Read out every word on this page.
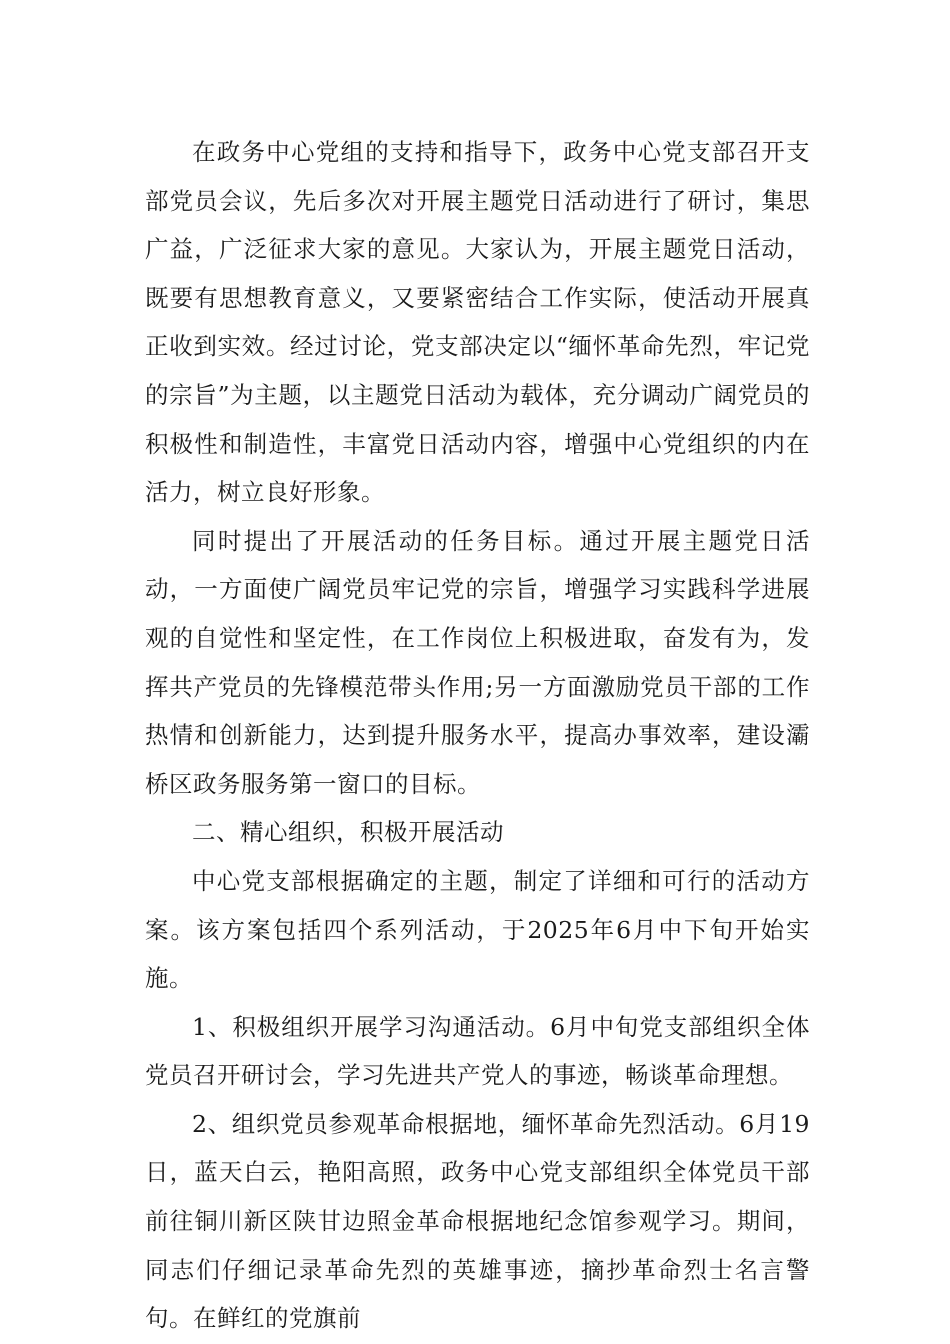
在政务中心党组的支持和指导下，政务中心党支部召开支部党员会议，先后多次对开展主题党日活动进行了研讨，集思广益，广泛征求大家的意见。大家认为，开展主题党日活动，既要有思想教育意义，又要紧密结合工作实际，使活动开展真正收到实效。经过讨论，党支部决定以“缅怀革命先烈，牢记党的宗旨”为主题，以主题党日活动为载体，充分调动广阔党员的积极性和制造性，丰富党日活动内容，增强中心党组织的内在活力，树立良好形象。

同时提出了开展活动的任务目标。通过开展主题党日活动，一方面使广阔党员牢记党的宗旨，增强学习实践科学进展观的自觉性和坚定性，在工作岗位上积极进取，奋发有为，发挥共产党员的先锋模范带头作用;另一方面激励党员干部的工作热情和创新能力，达到提升服务水平，提高办事效率，建设灞桥区政务服务第一窗口的目标。

二、精心组织，积极开展活动

中心党支部根据确定的主题，制定了详细和可行的活动方案。该方案包括四个系列活动，于2025年6月中下旬开始实施。

1、积极组织开展学习沟通活动。6月中旬党支部组织全体党员召开研讨会，学习先进共产党人的事迹，畅谈革命理想。

2、组织党员参观革命根据地，缅怀革命先烈活动。6月19日，蓝天白云，艳阳高照，政务中心党支部组织全体党员干部前往铜川新区陕甘边照金革命根据地纪念馆参观学习。期间，同志们仔细记录革命先烈的英雄事迹，摘抄革命烈士名言警句。在鲜红的党旗前
